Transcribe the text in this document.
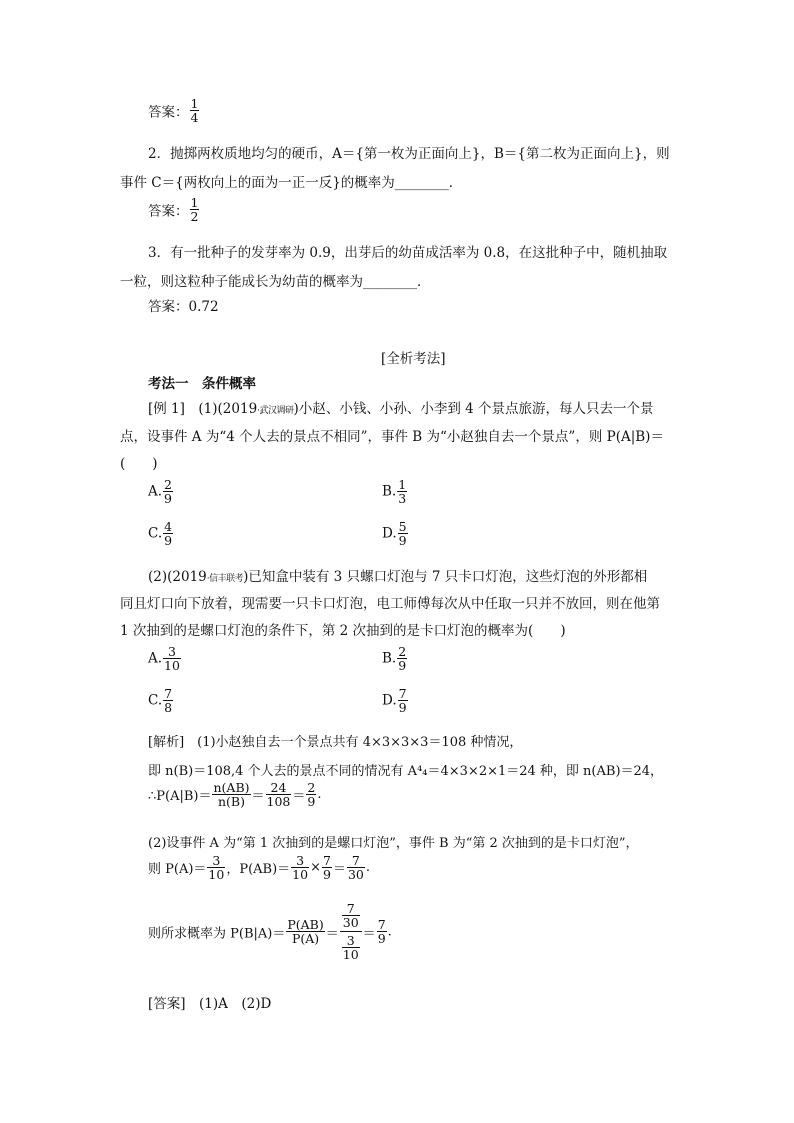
答案： $\frac{1}{4}$
2．抛掷两枚质地均匀的硬币，A＝{第一枚为正面向上}，B＝{第二枚为正面向上}，则
事件 C＝{两枚向上的面为一正一反}的概率为________．
答案： $\frac{1}{2}$
3．有一批种子的发芽率为 0.9，出芽后的幼苗成活率为 0.8，在这批种子中，随机抽取
一粒，则这粒种子能成长为幼苗的概率为________．
答案：0.72
[全析考法]
考法一　条件概率
[例 1]　(1)(2019·武汉调研)小赵、小钱、小孙、小李到 4 个景点旅游，每人只去一个景
点，设事件 A 为“4 个人去的景点不相同”，事件 B 为“小赵独自去一个景点”，则 P(A|B)＝
(　　)
A. $\frac{2}{9}$	B. $\frac{1}{3}$
C. $\frac{4}{9}$	D. $\frac{5}{9}$
(2)(2019·信丰联考)已知盒中装有 3 只螺口灯泡与 7 只卡口灯泡，这些灯泡的外形都相
同且灯口向下放着，现需要一只卡口灯泡，电工师傅每次从中任取一只并不放回，则在他第
1 次抽到的是螺口灯泡的条件下，第 2 次抽到的是卡口灯泡的概率为(　　)
A. $\frac{3}{10}$	B. $\frac{2}{9}$
C. $\frac{7}{8}$	D. $\frac{7}{9}$
[解析]　(1)小赵独自去一个景点共有 4×3×3×3＝108 种情况，
即 n(B)＝108,4 个人去的景点不同的情况有 A⁴₄＝4×3×2×1＝24 种，即 n(AB)＝24，
∴P(A|B)＝ $\frac{n(AB)}{n(B)} = \frac{24}{108} = \frac{2}{9}$ .
(2)设事件 A 为“第 1 次抽到的是螺口灯泡”，事件 B 为“第 2 次抽到的是卡口灯泡”，
则 $P(A)= \frac{3}{10}$ ，$P(AB)= \frac{3}{10} \times \frac{7}{9} = \frac{7}{30}$ .
则所求概率为 $P(B|A)= \frac{P(AB)}{P(A)} = \frac{\frac{7}{30}}{\frac{3}{10}} = \frac{7}{9}$ .
[答案]　(1)A　(2)D
